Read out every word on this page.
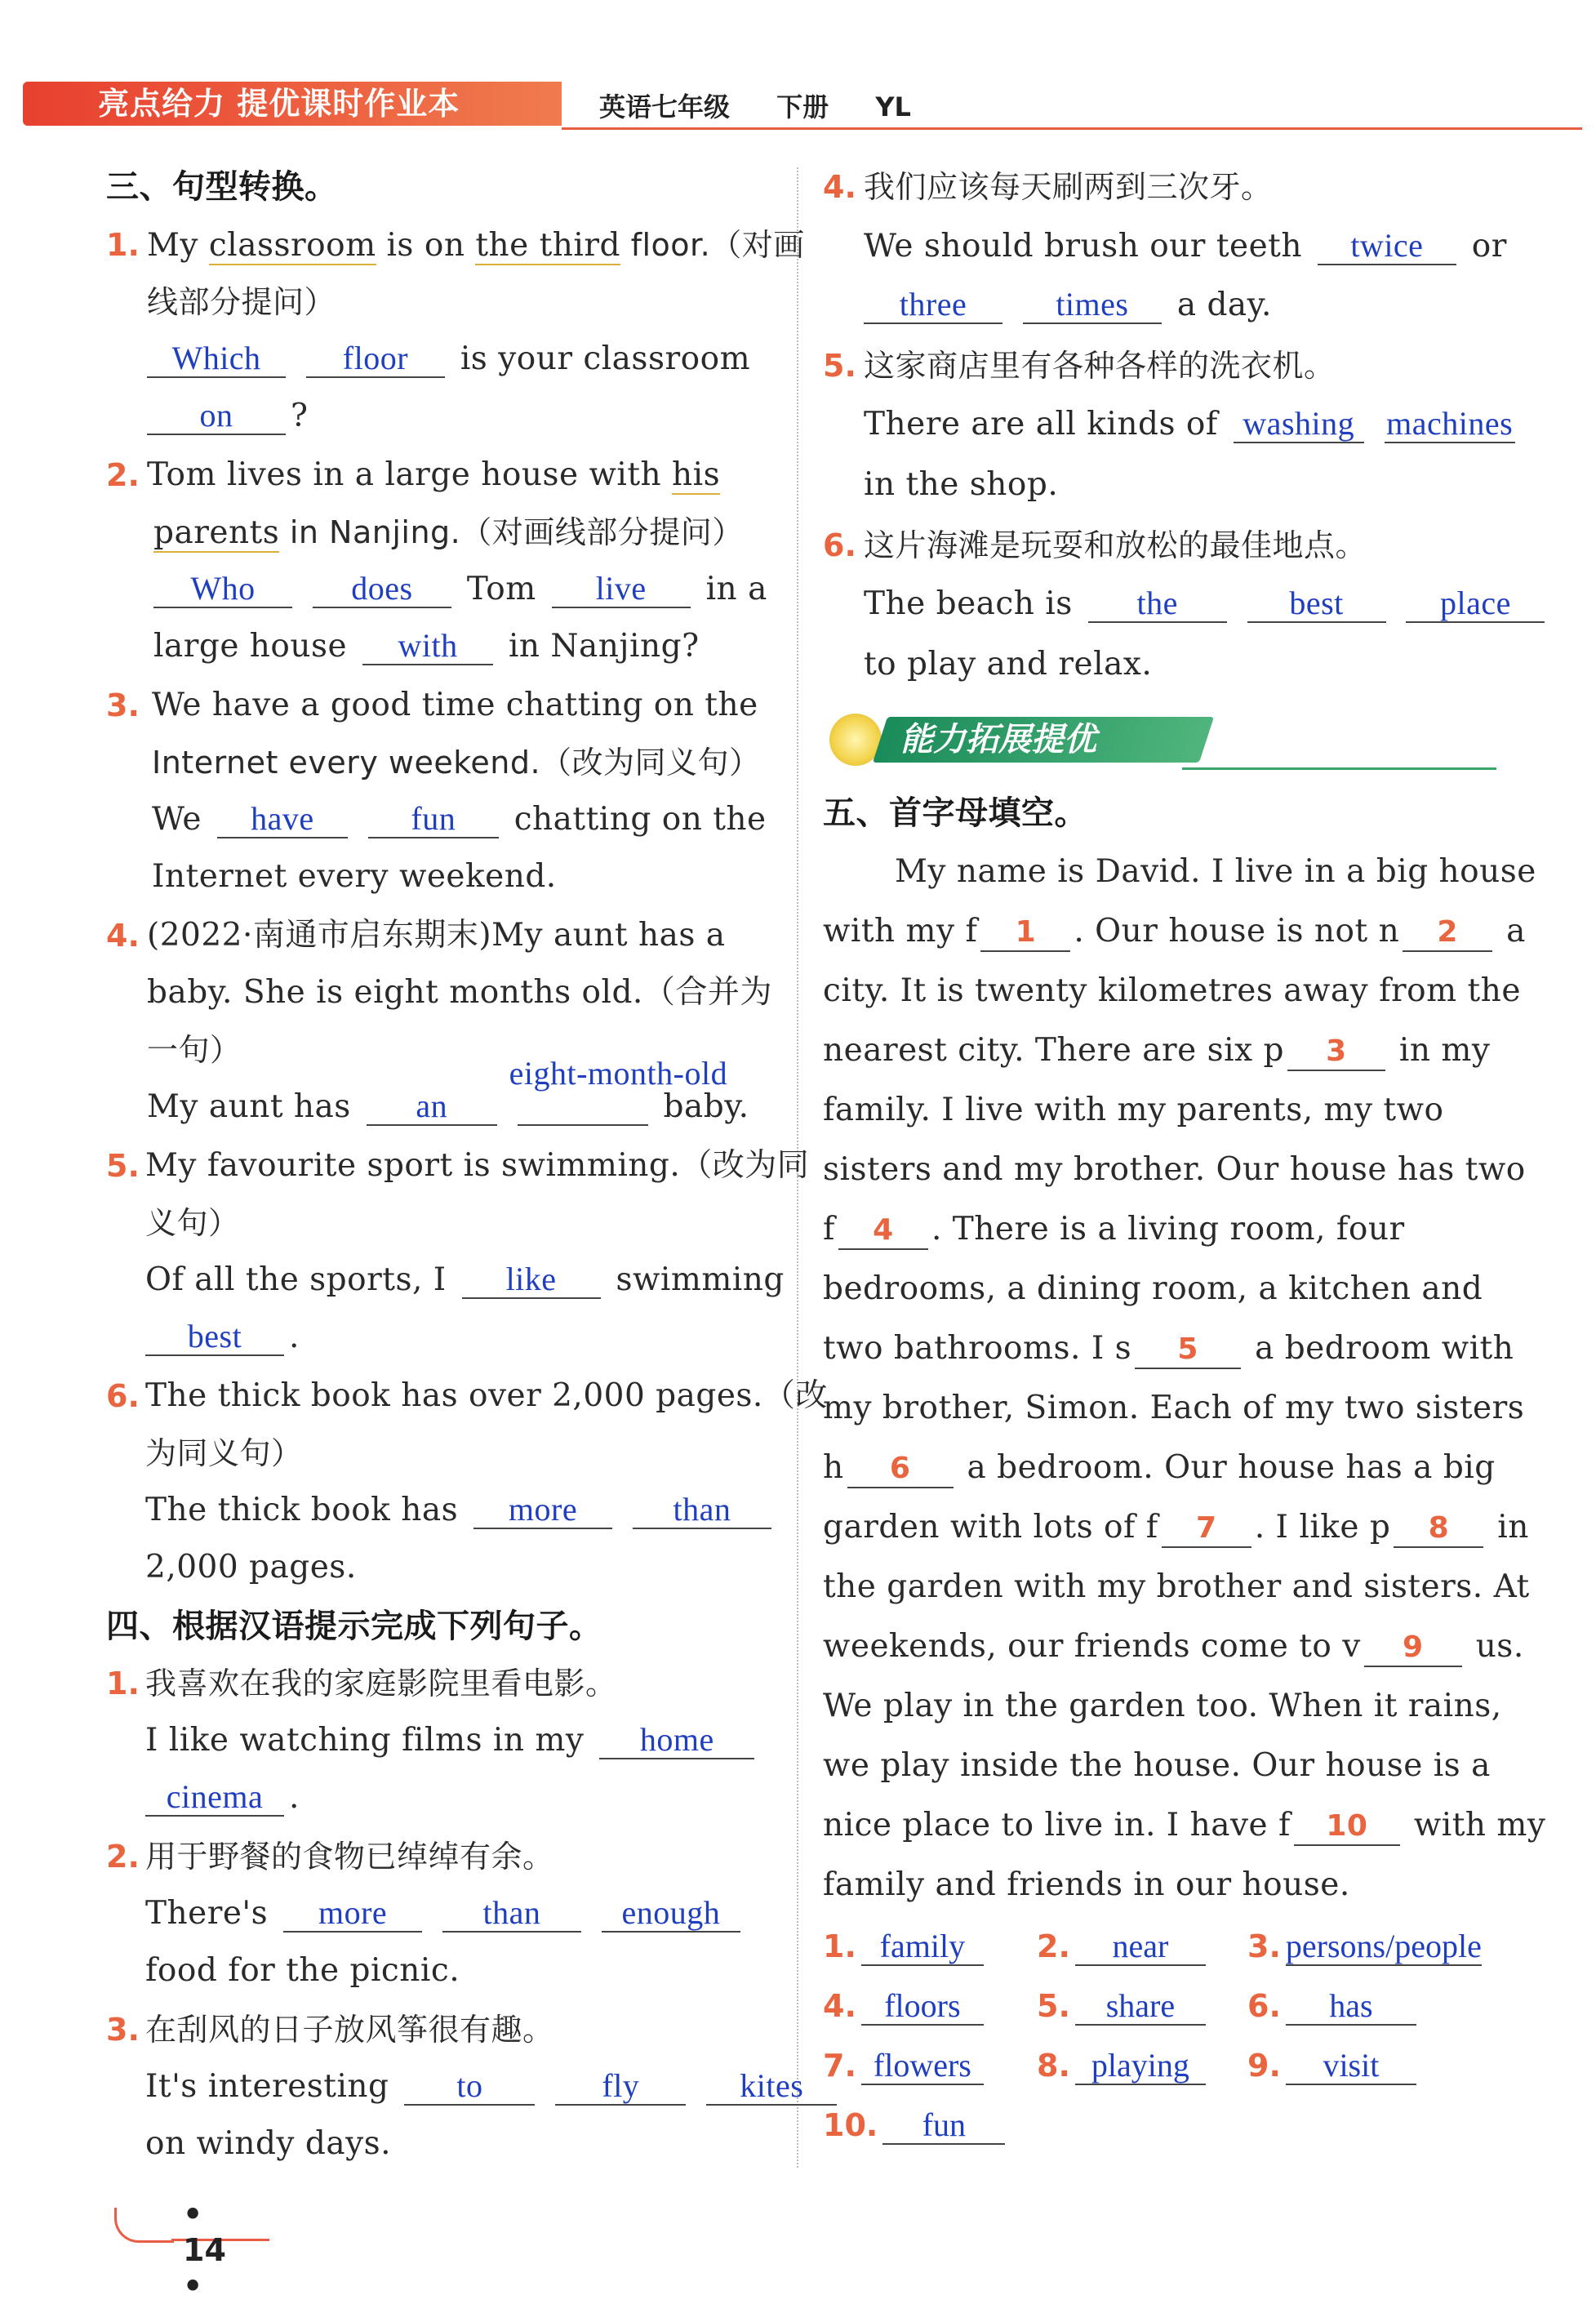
亮点给力 提优课时作业本	英语七年级 下册 YL
三、句型转换。
1. My classroom is on the third floor.（对画
线部分提问）
Which	floor is your classroom
on ?
2. Tom lives in a large house with his
parents in Nanjing.（对画线部分提问）
Who	does Tom live in a
large house with in Nanjing?
3. We have a good time chatting on the
Internet every weekend.（改为同义句）
We have	fun chatting on the
Internet every weekend.
4. (2022·南通市启东期末)My aunt has a
baby. She is eight months old.（合并为
一句）
My aunt has an
eight-month-old
baby.
5. My favourite sport is swimming.（改为同
义句）
Of all the sports, I like swimming
best .
6. The thick book has over 2,000 pages.（改
为同义句）
The thick book has more	than
2,000 pages.
四、根据汉语提示完成下列句子。
1. 我喜欢在我的家庭影院里看电影。
I like watching films in my home
cinema .
2. 用于野餐的食物已绰绰有余。
There's more	than enough
food for the picnic.
3. 在刮风的日子放风筝很有趣。
It's interesting to	fly	kites
on windy days.
4. 我们应该每天刷两到三次牙。
We should brush our teeth twice or
three	times a day.
5. 这家商店里有各种各样的洗衣机。
There are all kinds of washing machines
in the shop.
6. 这片海滩是玩耍和放松的最佳地点。
The beach is the	best	place
to play and relax.
能力拓展提优
五、首字母填空。
My name is David. I live in a big house
with my f 1 . Our house is not n 2 a
city. It is twenty kilometres away from the
nearest city. There are six p 3 in my
family. I live with my parents, my two
sisters and my brother. Our house has two
f 4 . There is a living room, four
bedrooms, a dining room, a kitchen and
two bathrooms. I s 5 a bedroom with
my brother, Simon. Each of my two sisters
h 6 a bedroom. Our house has a big
garden with lots of f 7 . I like p 8 in
the garden with my brother and sisters. At
weekends, our friends come to v 9 us.
We play in the garden too. When it rains,
we play inside the house. Our house is a
nice place to live in. I have f 10 with my
family and friends in our house.
1. family	2. near	3. persons/people
4. floors	5. share	6. has
7. flowers	8. playing	9. visit
10. fun
• 14 •
